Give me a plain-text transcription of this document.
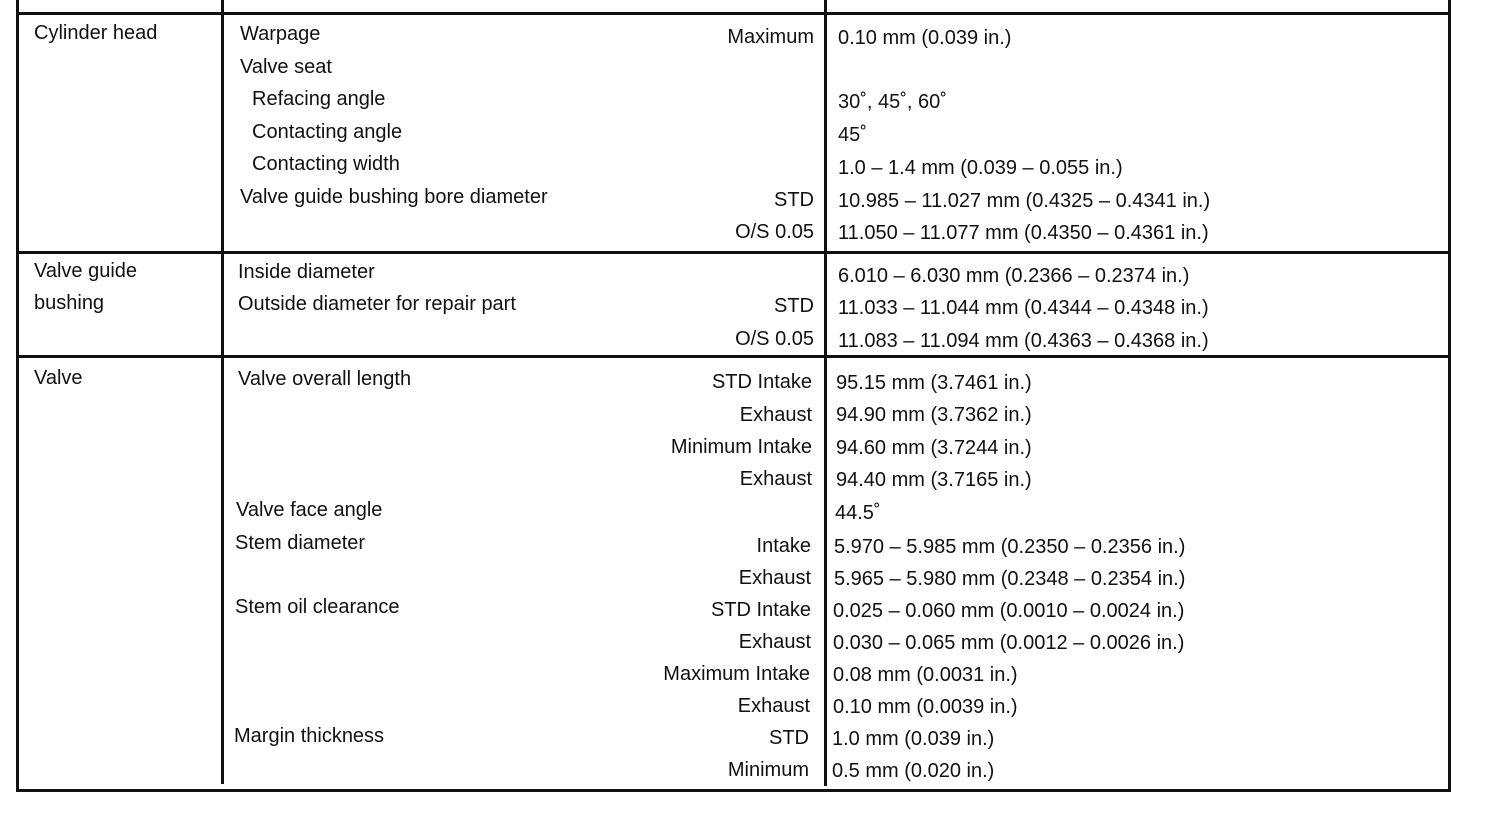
Cylinder head	Warpage	Maximum 0.10 mm (0.039 in.)
Valve seat
Refacing angle	30˚, 45˚, 60˚
Contacting angle	45˚
Contacting width	1.0 – 1.4 mm (0.039 – 0.055 in.)
Valve guide bushing bore diameter	STD 10.985 – 11.027 mm (0.4325 – 0.4341 in.)
O/S 0.05 11.050 – 11.077 mm (0.4350 – 0.4361 in.)
Valve guide
bushing
Inside diameter	6.010 – 6.030 mm (0.2366 – 0.2374 in.)
Outside diameter for repair part	STD 11.033 – 11.044 mm (0.4344 – 0.4348 in.)
O/S 0.05 11.083 – 11.094 mm (0.4363 – 0.4368 in.)
Valve	Valve overall length	STD Intake 95.15 mm (3.7461 in.)
Exhaust 94.90 mm (3.7362 in.)
Minimum Intake 94.60 mm (3.7244 in.)
Exhaust 94.40 mm (3.7165 in.)
Valve face angle	44.5˚
Stem diameter	Intake 5.970 – 5.985 mm (0.2350 – 0.2356 in.)
Exhaust 5.965 – 5.980 mm (0.2348 – 0.2354 in.)
Stem oil clearance	STD Intake 0.025 – 0.060 mm (0.0010 – 0.0024 in.)
Exhaust 0.030 – 0.065 mm (0.0012 – 0.0026 in.)
Maximum Intake 0.08 mm (0.0031 in.)
Exhaust 0.10 mm (0.0039 in.)
Margin thickness	STD 1.0 mm (0.039 in.)
Minimum 0.5 mm (0.020 in.)
